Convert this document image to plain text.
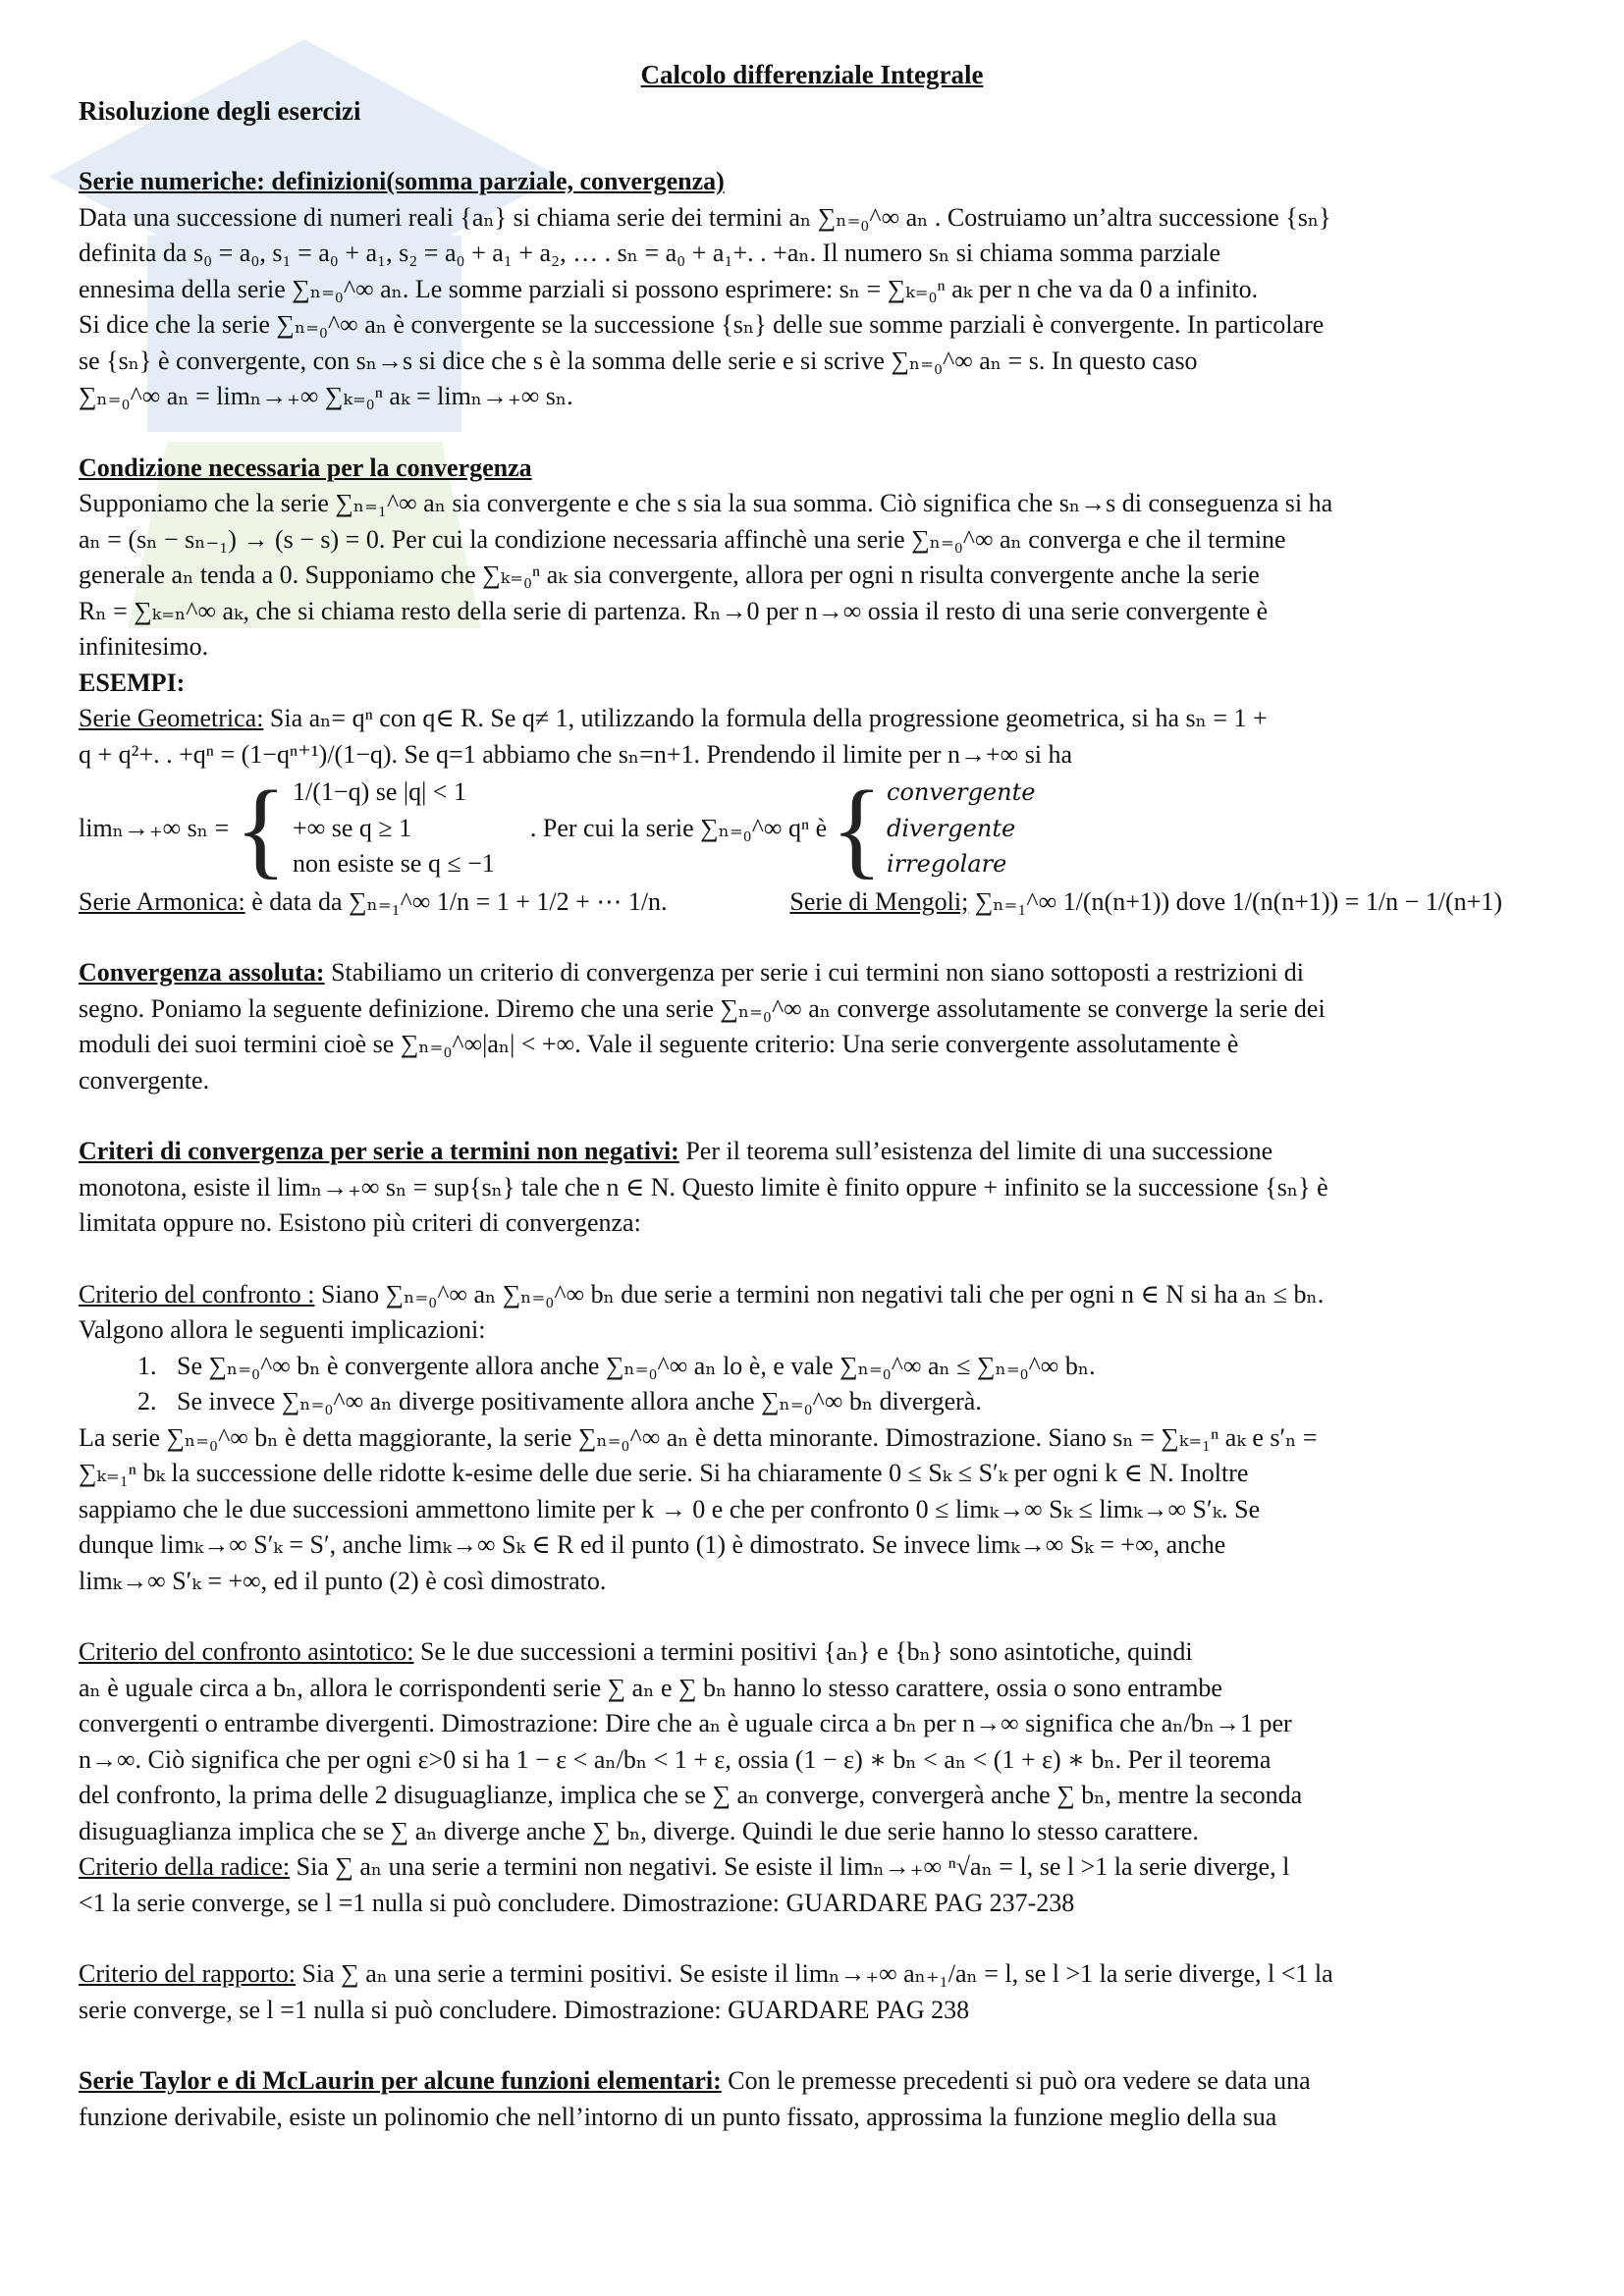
Calcolo differenziale Integrale
Risoluzione degli esercizi

Serie numeriche: definizioni(somma parziale, convergenza)

Data una successione di numeri reali {aₙ} si chiama serie dei termini aₙ ∑ₙ₌₀^∞ aₙ . Costruiamo un’altra successione {sₙ}

definita da s₀ = a₀, s₁ = a₀ + a₁, s₂ = a₀ + a₁ + a₂, … . sₙ = a₀ + a₁+. . +aₙ. Il numero sₙ si chiama somma parziale

ennesima della serie ∑ₙ₌₀^∞ aₙ. Le somme parziali si possono esprimere: sₙ = ∑ₖ₌₀ⁿ aₖ per n che va da 0 a infinito.

Si dice che la serie ∑ₙ₌₀^∞ aₙ è convergente se la successione {sₙ} delle sue somme parziali è convergente. In particolare

se {sₙ} è convergente, con sₙ→s si dice che s è la somma delle serie e si scrive ∑ₙ₌₀^∞ aₙ = s. In questo caso

∑ₙ₌₀^∞ aₙ = limₙ→₊∞ ∑ₖ₌₀ⁿ aₖ = limₙ→₊∞ sₙ.

Condizione necessaria per la convergenza

Supponiamo che la serie ∑ₙ₌₁^∞ aₙ sia convergente e che s sia la sua somma. Ciò significa che sₙ→s di conseguenza si ha

aₙ = (sₙ − sₙ₋₁) → (s − s) = 0. Per cui la condizione necessaria affinchè una serie ∑ₙ₌₀^∞ aₙ converga e che il termine

generale aₙ tenda a 0. Supponiamo che ∑ₖ₌₀ⁿ aₖ sia convergente, allora per ogni n risulta convergente anche la serie

Rₙ = ∑ₖ₌ₙ^∞ aₖ, che si chiama resto della serie di partenza. Rₙ→0 per n→∞ ossia il resto di una serie convergente è

infinitesimo.

ESEMPI:

Serie Geometrica: Sia aₙ= qⁿ con q∈ R. Se q≠ 1, utilizzando la formula della progressione geometrica, si ha sₙ = 1 +

q + q²+. . +qⁿ = (1−qⁿ⁺¹)/(1−q). Se q=1 abbiamo che sₙ=n+1. Prendendo il limite per n→+∞ si ha

limₙ→₊∞ sₙ = { 1/(1−q) se |q| < 1
+∞ se q ≥ 1
non esiste se q ≤ −1
. Per cui la serie ∑ₙ₌₀^∞ qⁿ è { convergente
divergente
irregolare

Serie Armonica: è data da ∑ₙ₌₁^∞ 1/n = 1 + 1/2 + ⋯ 1/n.	Serie di Mengoli; ∑ₙ₌₁^∞ 1/(n(n+1)) dove 1/(n(n+1)) = 1/n − 1/(n+1)

Convergenza assoluta: Stabiliamo un criterio di convergenza per serie i cui termini non siano sottoposti a restrizioni di

segno. Poniamo la seguente definizione. Diremo che una serie ∑ₙ₌₀^∞ aₙ converge assolutamente se converge la serie dei

moduli dei suoi termini cioè se ∑ₙ₌₀^∞|aₙ| < +∞. Vale il seguente criterio: Una serie convergente assolutamente è

convergente.

Criteri di convergenza per serie a termini non negativi: Per il teorema sull’esistenza del limite di una successione

monotona, esiste il limₙ→₊∞ sₙ = sup{sₙ} tale che n ∈ N. Questo limite è finito oppure + infinito se la successione {sₙ} è

limitata oppure no. Esistono più criteri di convergenza:

Criterio del confronto : Siano ∑ₙ₌₀^∞ aₙ ∑ₙ₌₀^∞ bₙ due serie a termini non negativi tali che per ogni n ∈ N si ha aₙ ≤ bₙ.

Valgono allora le seguenti implicazioni:

1. Se ∑ₙ₌₀^∞ bₙ è convergente allora anche ∑ₙ₌₀^∞ aₙ lo è, e vale ∑ₙ₌₀^∞ aₙ ≤ ∑ₙ₌₀^∞ bₙ.
2. Se invece ∑ₙ₌₀^∞ aₙ diverge positivamente allora anche ∑ₙ₌₀^∞ bₙ divergerà.

La serie ∑ₙ₌₀^∞ bₙ è detta maggiorante, la serie ∑ₙ₌₀^∞ aₙ è detta minorante. Dimostrazione. Siano sₙ = ∑ₖ₌₁ⁿ aₖ e s′ₙ =

∑ₖ₌₁ⁿ bₖ la successione delle ridotte k-esime delle due serie. Si ha chiaramente 0 ≤ Sₖ ≤ S′ₖ per ogni k ∈ N. Inoltre

sappiamo che le due successioni ammettono limite per k → 0 e che per confronto 0 ≤ limₖ→∞ Sₖ ≤ limₖ→∞ S′ₖ. Se

dunque limₖ→∞ S′ₖ = S′, anche limₖ→∞ Sₖ ∈ R ed il punto (1) è dimostrato. Se invece limₖ→∞ Sₖ = +∞, anche

limₖ→∞ S′ₖ = +∞, ed il punto (2) è così dimostrato.

Criterio del confronto asintotico: Se le due successioni a termini positivi {aₙ} e {bₙ} sono asintotiche, quindi

aₙ è uguale circa a bₙ, allora le corrispondenti serie ∑ aₙ e ∑ bₙ hanno lo stesso carattere, ossia o sono entrambe

convergenti o entrambe divergenti. Dimostrazione: Dire che aₙ è uguale circa a bₙ per n→∞ significa che aₙ/bₙ→1 per

n→∞. Ciò significa che per ogni ε>0 si ha 1 − ε < aₙ/bₙ < 1 + ε, ossia (1 − ε) ∗ bₙ < aₙ < (1 + ε) ∗ bₙ. Per il teorema

del confronto, la prima delle 2 disuguaglianze, implica che se ∑ aₙ converge, convergerà anche ∑ bₙ, mentre la seconda

disuguaglianza implica che se ∑ aₙ diverge anche ∑ bₙ, diverge. Quindi le due serie hanno lo stesso carattere.

Criterio della radice: Sia ∑ aₙ una serie a termini non negativi. Se esiste il limₙ→₊∞ ⁿ√aₙ = l, se l >1 la serie diverge, l

<1 la serie converge, se l =1 nulla si può concludere. Dimostrazione: GUARDARE PAG 237-238

Criterio del rapporto: Sia ∑ aₙ una serie a termini positivi. Se esiste il limₙ→₊∞ aₙ₊₁/aₙ = l, se l >1 la serie diverge, l <1 la

serie converge, se l =1 nulla si può concludere. Dimostrazione: GUARDARE PAG 238

Serie Taylor e di McLaurin per alcune funzioni elementari: Con le premesse precedenti si può ora vedere se data una

funzione derivabile, esiste un polinomio che nell’intorno di un punto fissato, approssima la funzione meglio della sua
